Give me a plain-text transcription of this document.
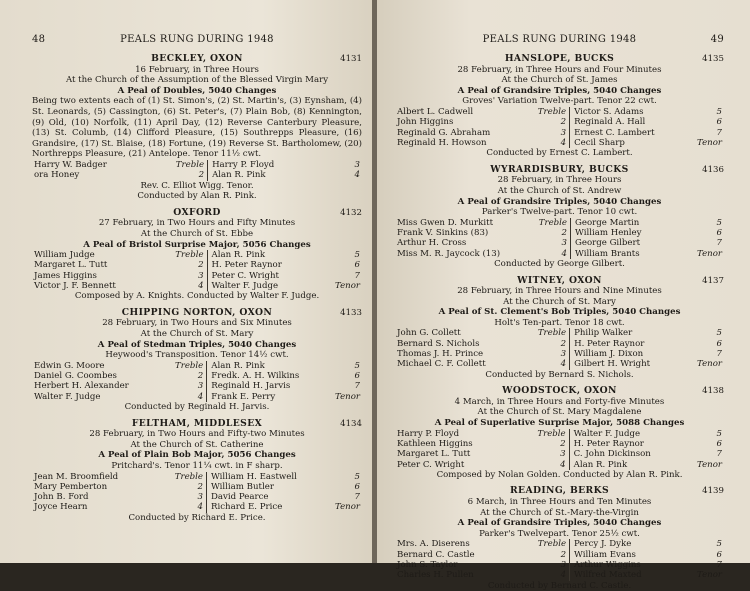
48	PEALS RUNG DURING 1948
BECKLEY, OXON	4131
16 February, in Three Hours
At the Church of the Assumption of the Blessed Virgin Mary
A Peal of Doubles, 5040 Changes
Being two extents each of (1) St. Simon's, (2) St. Martin's, (3) Eynsham, (4) St. Leonards, (5) Cassington, (6) St. Peter's, (7) Plain Bob, (8) Kennington, (9) Old, (10) Norfolk, (11) April Day, (12) Reverse Canterbury Pleasure, (13) St. Columb, (14) Clifford Pleasure, (15) Southrepps Pleasure, (16) Grandsire, (17) St. Blaise, (18) Fortune, (19) Reverse St. Bartholomew, (20) Northrepps Pleasure, (21) Antelope. Tenor 11½ cwt.
Harry W. Badger	Treble	Harry P. Floyd	3
ora Honey	2	Alan R. Pink	4
Rev. C. Elliot Wigg. Tenor.
Conducted by Alan R. Pink.
OXFORD	4132
27 February, in Two Hours and Fifty Minutes
At the Church of St. Ebbe
A Peal of Bristol Surprise Major, 5056 Changes
William Judge	Treble	Alan R. Pink	5
Margaret L. Tutt	2	H. Peter Raynor	6
James Higgins	3	Peter C. Wright	7
Victor J. F. Bennett	4	Walter F. Judge	Tenor
Composed by A. Knights. Conducted by Walter F. Judge.
CHIPPING NORTON, OXON	4133
28 February, in Two Hours and Six Minutes
At the Church of St. Mary
A Peal of Stedman Triples, 5040 Changes
Heywood's Transposition. Tenor 14½ cwt.
Edwin G. Moore	Treble	Alan R. Pink	5
Daniel G. Coombes	2	Fredk. A. H. Wilkins	6
Herbert H. Alexander	3	Reginald H. Jarvis	7
Walter F. Judge	4	Frank E. Perry	Tenor
Conducted by Reginald H. Jarvis.
FELTHAM, MIDDLESEX	4134
28 February, in Two Hours and Fifty-two Minutes
At the Church of St. Catherine
A Peal of Plain Bob Major, 5056 Changes
Pritchard's. Tenor 11¼ cwt. in F sharp.
Jean M. Broomfield	Treble	William H. Eastwell	5
Mary Pemberton	2	William Butler	6
John B. Ford	3	David Pearce	7
Joyce Hearn	4	Richard E. Price	Tenor
Conducted by Richard E. Price.
PEALS RUNG DURING 1948	49
HANSLOPE, BUCKS	4135
28 February, in Three Hours and Four Minutes
At the Church of St. James
A Peal of Grandsire Triples, 5040 Changes
Groves' Variation Twelve-part. Tenor 22 cwt.
Albert L. Cadwell	Treble	Victor S. Adams	5
John Higgins	2	Reginald A. Hall	6
Reginald G. Abraham	3	Ernest C. Lambert	7
Reginald H. Howson	4	Cecil Sharp	Tenor
Conducted by Ernest C. Lambert.
WYRARDISBURY, BUCKS	4136
28 February, in Three Hours
At the Church of St. Andrew
A Peal of Grandsire Triples, 5040 Changes
Parker's Twelve-part. Tenor 10 cwt.
Miss Gwen D. Murkitt	Treble	George Martin	5
Frank V. Sinkins (83)	2	William Henley	6
Arthur H. Cross	3	George Gilbert	7
Miss M. R. Jaycock (13)	4	William Brants	Tenor
Conducted by George Gilbert.
WITNEY, OXON	4137
28 February, in Three Hours and Nine Minutes
At the Church of St. Mary
A Peal of St. Clement's Bob Triples, 5040 Changes
Holt's Ten-part. Tenor 18 cwt.
John G. Collett	Treble	Philip Walker	5
Bernard S. Nichols	2	H. Peter Raynor	6
Thomas J. H. Prince	3	William J. Dixon	7
Michael C. F. Collett	4	Gilbert H. Wright	Tenor
Conducted by Bernard S. Nichols.
WOODSTOCK, OXON	4138
4 March, in Three Hours and Forty-five Minutes
At the Church of St. Mary Magdalene
A Peal of Superlative Surprise Major, 5088 Changes
Harry P. Floyd	Treble	Walter F. Judge	5
Kathleen Higgins	2	H. Peter Raynor	6
Margaret L. Tutt	3	C. John Dickinson	7
Peter C. Wright	4	Alan R. Pink	Tenor
Composed by Nolan Golden. Conducted by Alan R. Pink.
READING, BERKS	4139
6 March, in Three Hours and Ten Minutes
At the Church of St.-Mary-the-Virgin
A Peal of Grandsire Triples, 5040 Changes
Parker's Twelvepart. Tenor 25½ cwt.
Mrs. A. Diserens	Treble	Percy J. Dyke	5
Bernard C. Castle	2	William Evans	6
John S. Taylor	3	Arthur Wiggins	7
Charles H. Pullen	4	Wilfred Maxted	Tenor
Conducted by Bernard C. Castle.
